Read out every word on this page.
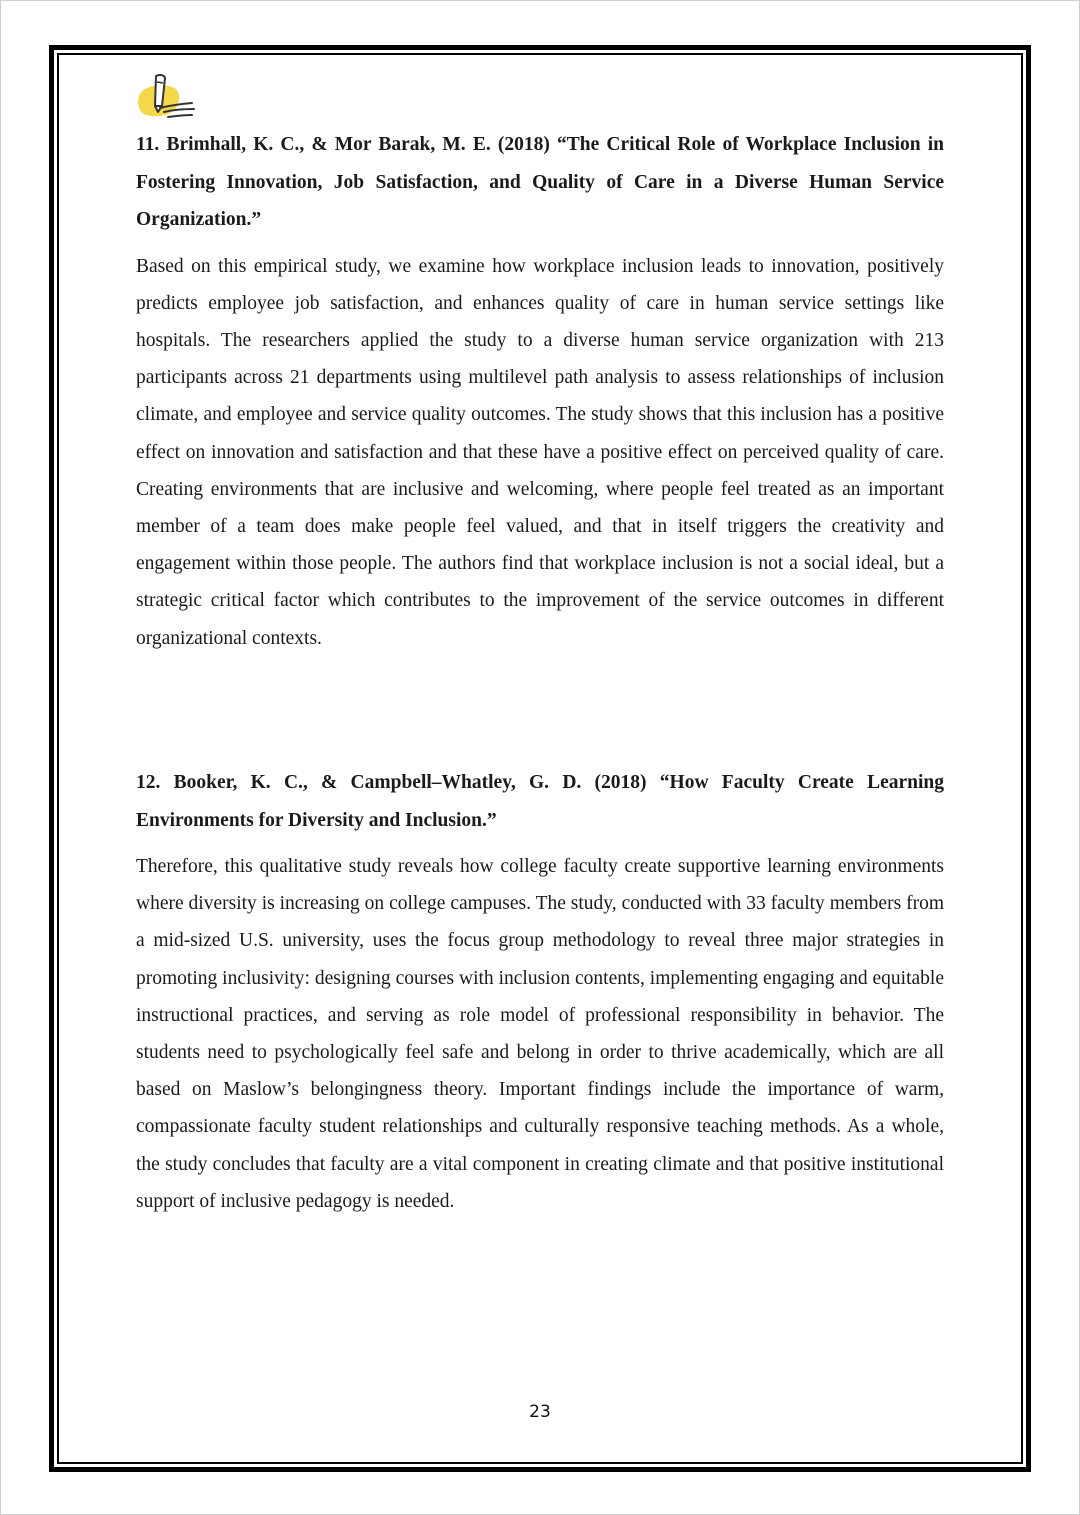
11. Brimhall, K. C., & Mor Barak, M. E. (2018) “The Critical Role of Workplace Inclusion in Fostering Innovation, Job Satisfaction, and Quality of Care in a Diverse Human Service Organization.”

Based on this empirical study, we examine how workplace inclusion leads to innovation, positively predicts employee job satisfaction, and enhances quality of care in human service settings like hospitals. The researchers applied the study to a diverse human service organization with 213 participants across 21 departments using multilevel path analysis to assess relationships of inclusion climate, and employee and service quality outcomes. The study shows that this inclusion has a positive effect on innovation and satisfaction and that these have a positive effect on perceived quality of care. Creating environments that are inclusive and welcoming, where people feel treated as an important member of a team does make people feel valued, and that in itself triggers the creativity and engagement within those people. The authors find that workplace inclusion is not a social ideal, but a strategic critical factor which contributes to the improvement of the service outcomes in different organizational contexts.

12. Booker, K. C., & Campbell–Whatley, G. D. (2018) “How Faculty Create Learning Environments for Diversity and Inclusion.”

Therefore, this qualitative study reveals how college faculty create supportive learning environments where diversity is increasing on college campuses. The study, conducted with 33 faculty members from a mid-sized U.S. university, uses the focus group methodology to reveal three major strategies in promoting inclusivity: designing courses with inclusion contents, implementing engaging and equitable instructional practices, and serving as role model of professional responsibility in behavior. The students need to psychologically feel safe and belong in order to thrive academically, which are all based on Maslow’s belongingness theory. Important findings include the importance of warm, compassionate faculty student relationships and culturally responsive teaching methods. As a whole, the study concludes that faculty are a vital component in creating climate and that positive institutional support of inclusive pedagogy is needed.

23
